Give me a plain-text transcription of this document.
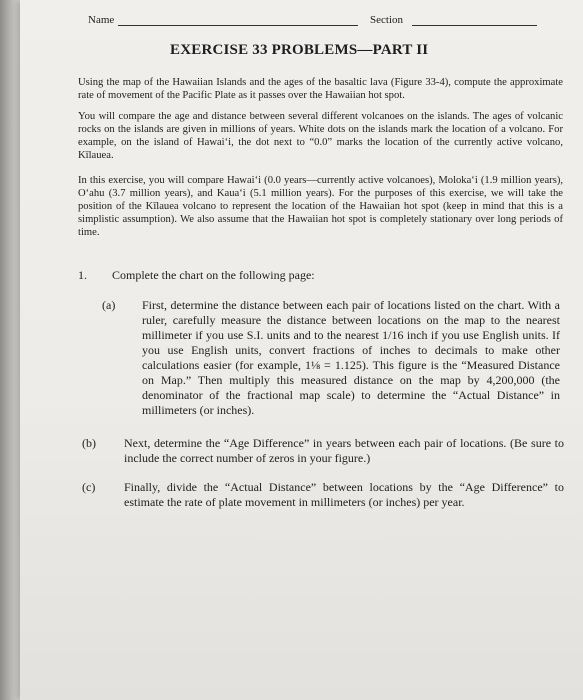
Name	Section
EXERCISE 33 PROBLEMS—PART II

Using the map of the Hawaiian Islands and the ages of the basaltic lava (Figure 33-4), compute the approximate rate of movement of the Pacific Plate as it passes over the Hawaiian hot spot.

You will compare the age and distance between several different volcanoes on the islands. The ages of volcanic rocks on the islands are given in millions of years. White dots on the islands mark the location of a volcano. For example, on the island of Hawai‘i, the dot next to “0.0” marks the location of the currently active volcano, Kīlauea.

In this exercise, you will compare Hawai‘i (0.0 years—currently active volcanoes), Moloka‘i (1.9 million years), O‘ahu (3.7 million years), and Kaua‘i (5.1 million years). For the purposes of this exercise, we will take the position of the Kīlauea volcano to represent the location of the Hawaiian hot spot (keep in mind that this is a simplistic assumption). We also assume that the Hawaiian hot spot is completely stationary over long periods of time.

1. Complete the chart on the following page:
(a) First, determine the distance between each pair of locations listed on the chart. With a ruler, carefully measure the distance between locations on the map to the nearest millimeter if you use S.I. units and to the nearest 1/16 inch if you use English units. If you use English units, convert fractions of inches to decimals to make other calculations easier (for example, 1⅛ = 1.125). This figure is the “Measured Distance on Map.” Then multiply this measured distance on the map by 4,200,000 (the denominator of the fractional map scale) to determine the “Actual Distance” in millimeters (or inches).

(b) Next, determine the “Age Difference” in years between each pair of locations. (Be sure to include the correct number of zeros in your figure.)

(c) Finally, divide the “Actual Distance” between locations by the “Age Difference” to estimate the rate of plate movement in millimeters (or inches) per year.
